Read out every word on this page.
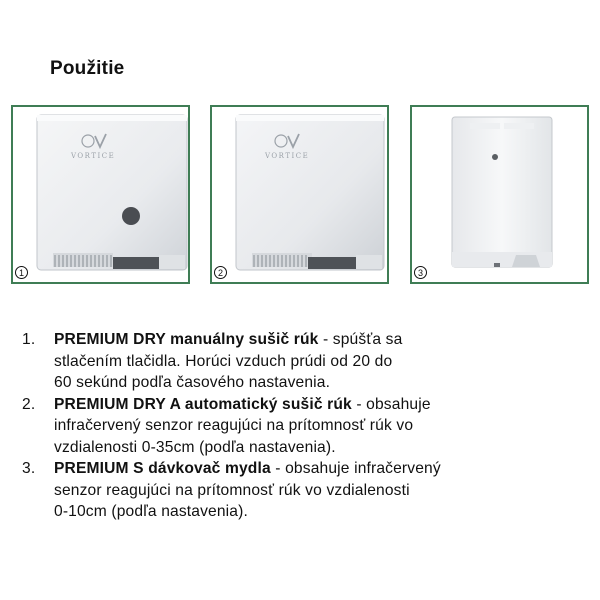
Použitie
VORTICE
1
VORTICE
2	3
1. PREMIUM DRY manuálny sušič rúk - spúšťa sa
stlačením tlačidla. Horúci vzduch prúdi od 20 do
60 sekúnd podľa časového nastavenia.
2. PREMIUM DRY A automatický sušič rúk - obsahuje
infračervený senzor reagujúci na prítomnosť rúk vo
vzdialenosti 0-35cm (podľa nastavenia).
3. PREMIUM S dávkovač mydla - obsahuje infračervený
senzor reagujúci na prítomnosť rúk vo vzdialenosti
0-10cm (podľa nastavenia).
